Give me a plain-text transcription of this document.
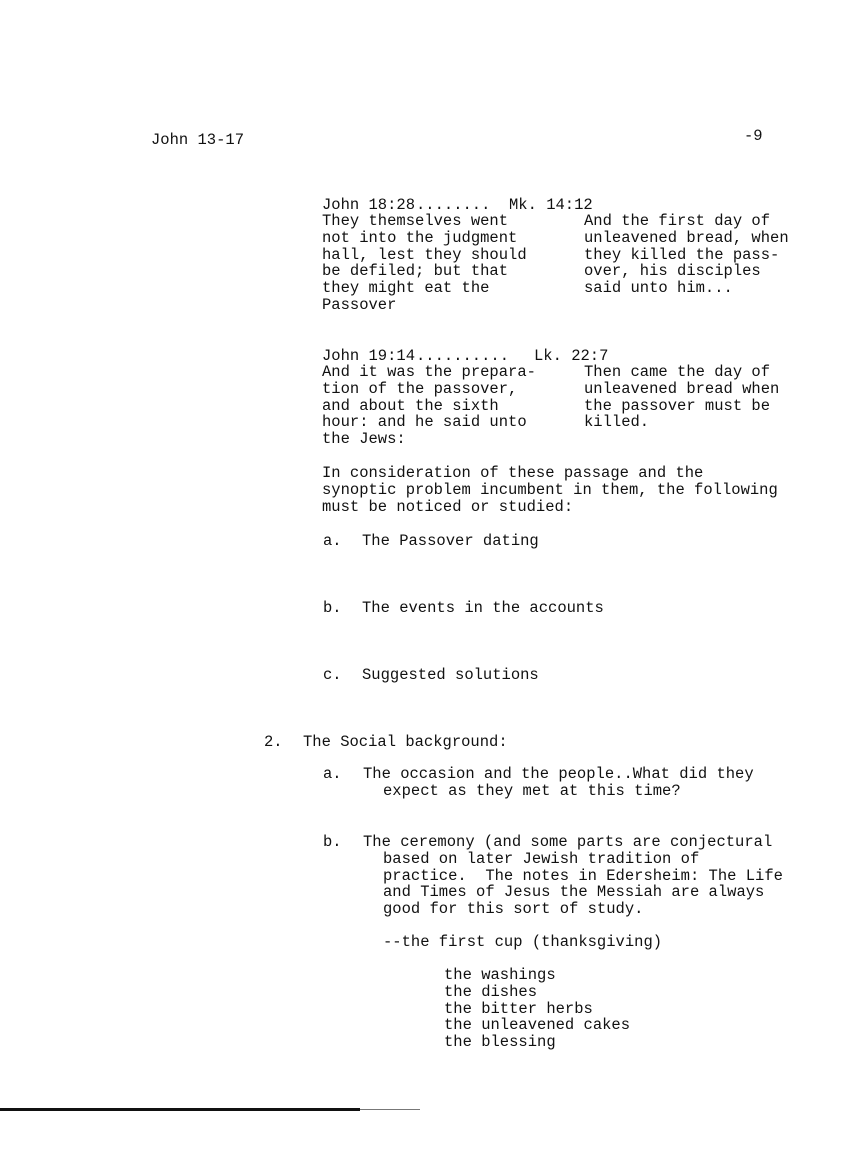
John 13-17	-9
John 18:28 ........ Mk. 14:12
They themselves went
not into the judgment
hall, lest they should
be defiled; but that
they might eat the
Passover
And the first day of
unleavened bread, when
they killed the pass-
over, his disciples
said unto him...
John 19:14 .......... Lk. 22:7
And it was the prepara-
tion of the passover,
and about the sixth
hour: and he said unto
the Jews:
Then came the day of
unleavened bread when
the passover must be
killed.
In consideration of these passage and the
synoptic problem incumbent in them, the following
must be noticed or studied:
a. The Passover dating
b. The events in the accounts
c. Suggested solutions
2. The Social background:
a. The occasion and the people..What did they
expect as they met at this time?
b. The ceremony (and some parts are conjectural
based on later Jewish tradition of
practice.  The notes in Edersheim: The Life
and Times of Jesus the Messiah are always
good for this sort of study.
--the first cup (thanksgiving)
the washings
the dishes
the bitter herbs
the unleavened cakes
the blessing
